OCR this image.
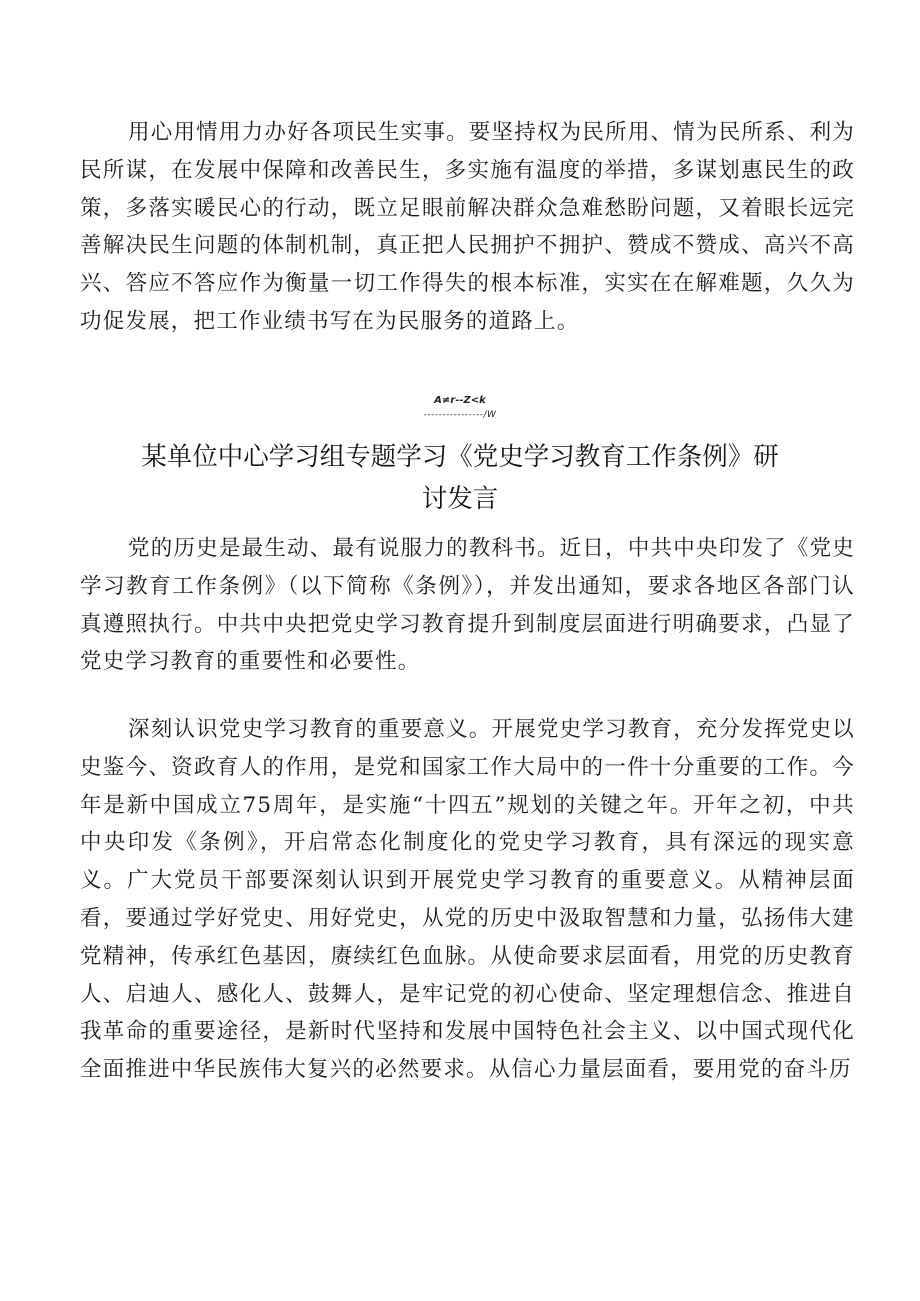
用心用情用力办好各项民生实事。要坚持权为民所用、情为民所系、利为民所谋，在发展中保障和改善民生，多实施有温度的举措，多谋划惠民生的政策，多落实暖民心的行动，既立足眼前解决群众急难愁盼问题，又着眼长远完善解决民生问题的体制机制，真正把人民拥护不拥护、赞成不赞成、高兴不高兴、答应不答应作为衡量一切工作得失的根本标准，实实在在解难题，久久为功促发展，把工作业绩书写在为民服务的道路上。
A≠r--Z<k
----------------/W
某单位中心学习组专题学习《党史学习教育工作条例》研
讨发言
党的历史是最生动、最有说服力的教科书。近日，中共中央印发了《党史学习教育工作条例》（以下简称《条例》），并发出通知，要求各地区各部门认真遵照执行。中共中央把党史学习教育提升到制度层面进行明确要求，凸显了党史学习教育的重要性和必要性。
深刻认识党史学习教育的重要意义。开展党史学习教育，充分发挥党史以史鉴今、资政育人的作用，是党和国家工作大局中的一件十分重要的工作。今年是新中国成立75周年，是实施“十四五”规划的关键之年。开年之初，中共中央印发《条例》，开启常态化制度化的党史学习教育，具有深远的现实意义。广大党员干部要深刻认识到开展党史学习教育的重要意义。从精神层面看，要通过学好党史、用好党史，从党的历史中汲取智慧和力量，弘扬伟大建党精神，传承红色基因，赓续红色血脉。从使命要求层面看，用党的历史教育人、启迪人、感化人、鼓舞人，是牢记党的初心使命、坚定理想信念、推进自我革命的重要途径，是新时代坚持和发展中国特色社会主义、以中国式现代化全面推进中华民族伟大复兴的必然要求。从信心力量层面看，要用党的奋斗历
